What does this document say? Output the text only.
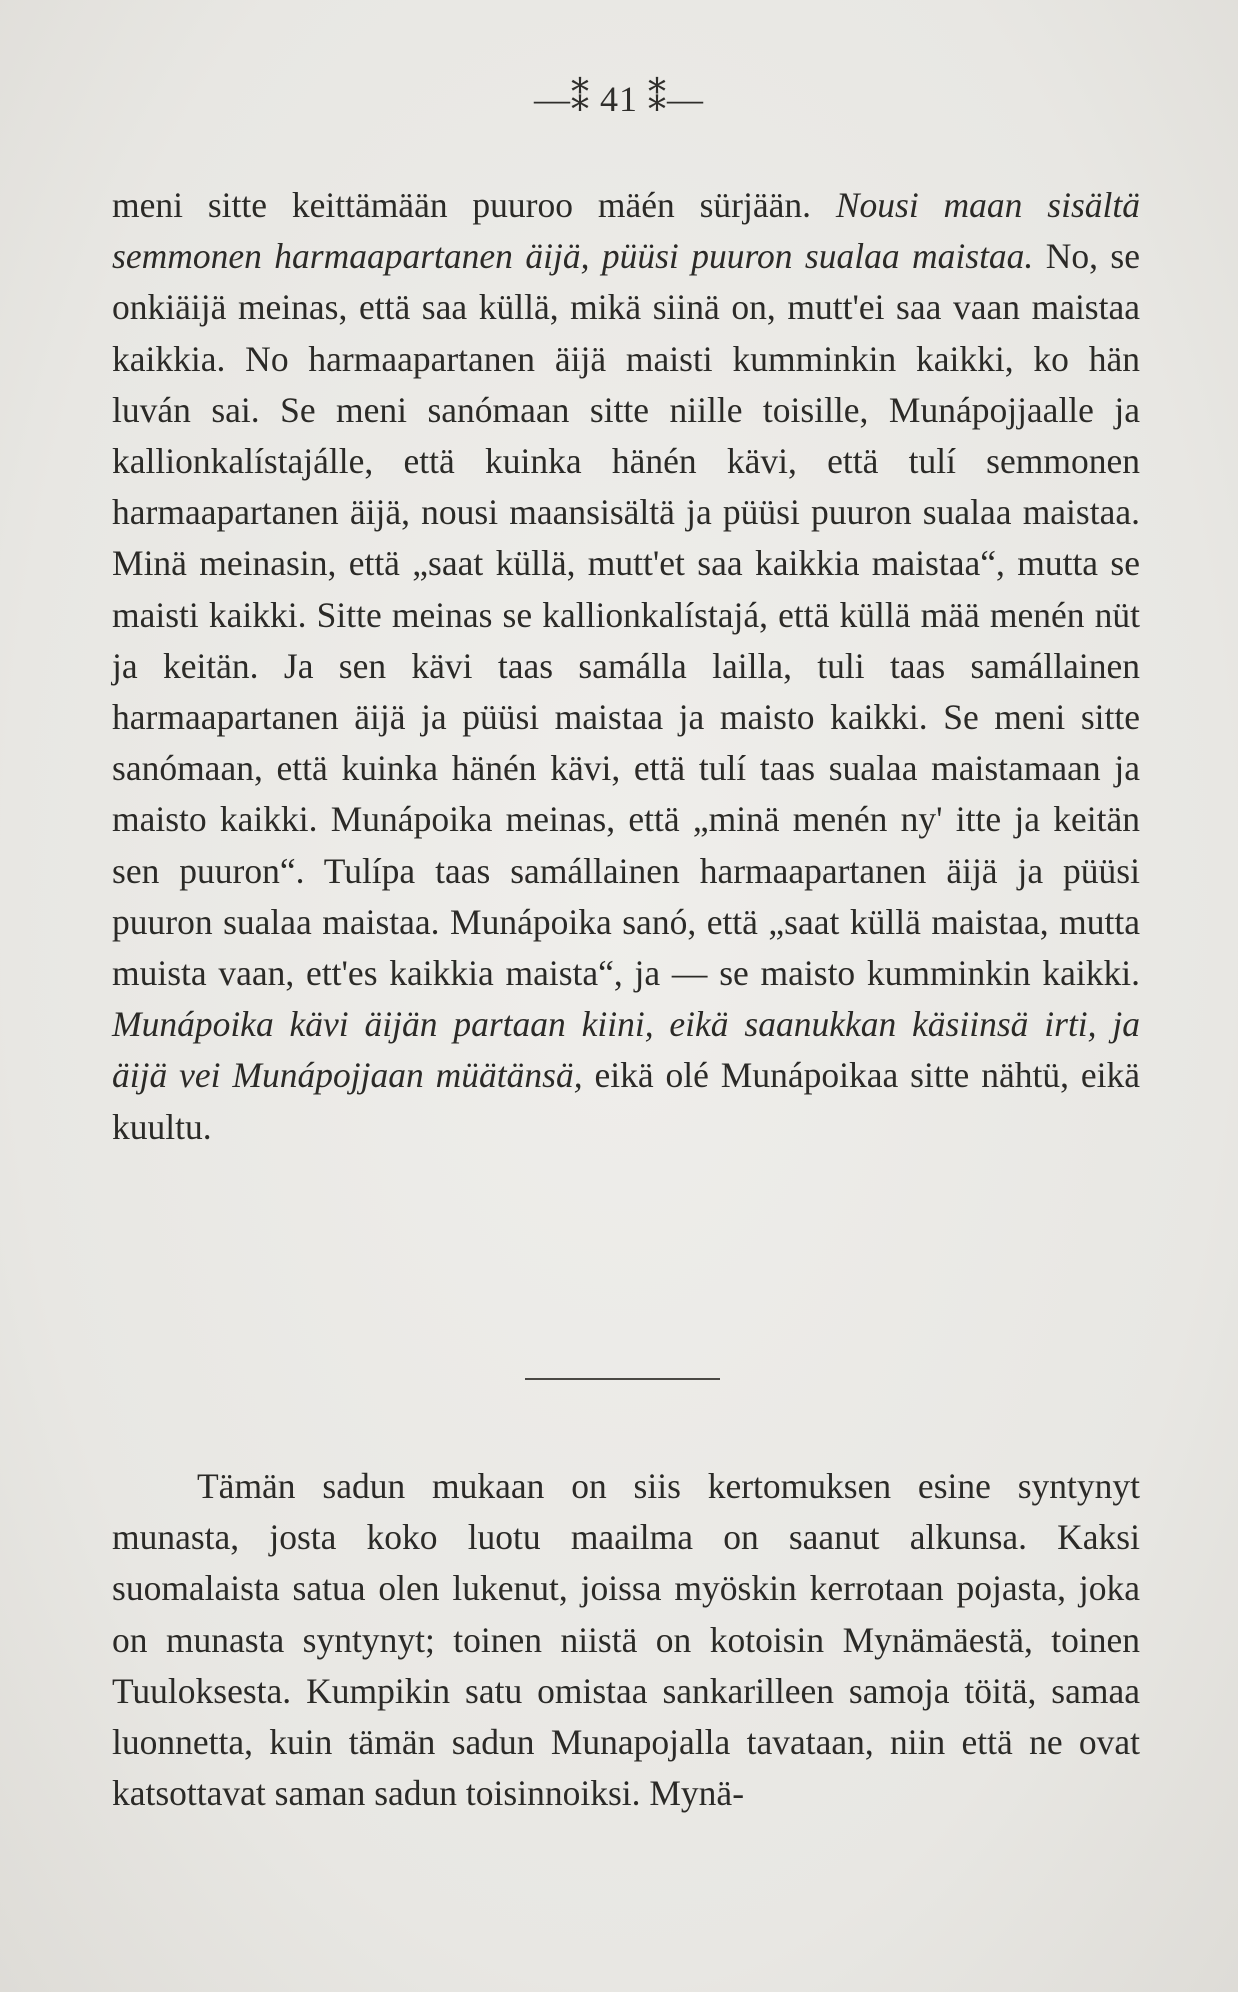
—⁑ 41 ⁑—

meni sitte keittämään puuroo mäén sürjään. Nousi maan sisältä semmonen harmaapartanen äijä, püüsi puuron sualaa maistaa. No, se onkiäijä meinas, että saa küllä, mikä siinä on, mutt'ei saa vaan maistaa kaikkia. No harmaapartanen äijä maisti kumminkin kaikki, ko hän luván sai. Se meni sanómaan sitte niille toisille, Munápojjaalle ja kallionkalístajálle, että kuinka hänén kävi, että tulí semmonen harmaapartanen äijä, nousi maansisältä ja püüsi puuron sualaa maistaa. Minä meinasin, että „saat küllä, mutt'et saa kaikkia maistaa“, mutta se maisti kaikki. Sitte meinas se kallionkalístajá, että küllä mää menén nüt ja keitän. Ja sen kävi taas samálla lailla, tuli taas samállainen harmaapartanen äijä ja püüsi maistaa ja maisto kaikki. Se meni sitte sanómaan, että kuinka hänén kävi, että tulí taas sualaa maistamaan ja maisto kaikki. Munápoika meinas, että „minä menén ny' itte ja keitän sen puuron“. Tulípa taas samállainen harmaapartanen äijä ja püüsi puuron sualaa maistaa. Munápoika sanó, että „saat küllä maistaa, mutta muista vaan, ett'es kaikkia maista“, ja — se maisto kumminkin kaikki. Munápoika kävi äijän partaan kiini, eikä saanukkan käsiinsä irti, ja äijä vei Munápojjaan müätänsä, eikä olé Munápoikaa sitte nähtü, eikä kuultu.

Tämän sadun mukaan on siis kertomuksen esine syntynyt munasta, josta koko luotu maailma on saanut alkunsa. Kaksi suomalaista satua olen lukenut, joissa myöskin kerrotaan pojasta, joka on munasta syntynyt; toinen niistä on kotoisin Mynämäestä, toinen Tuuloksesta. Kumpikin satu omistaa sankarilleen samoja töitä, samaa luonnetta, kuin tämän sadun Munapojalla tavataan, niin että ne ovat katsottavat saman sadun toisinnoiksi. Mynä-
